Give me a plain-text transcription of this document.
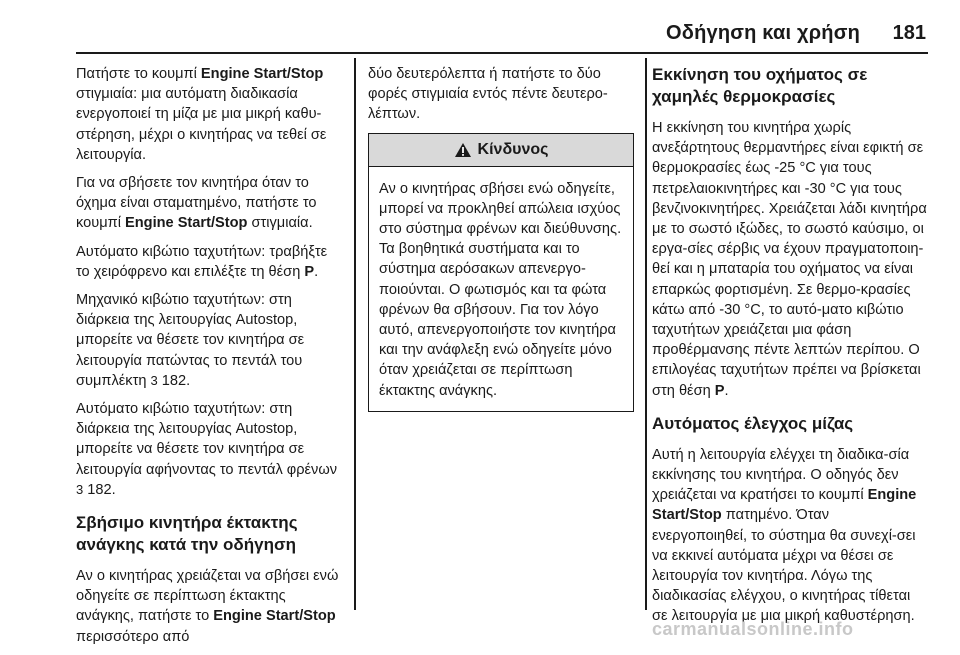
Οδήγηση και χρήση	181

Πατήστε το κουμπί Engine Start/Stop στιγμιαία: μια αυτόματη διαδικασία ενεργοποιεί τη μίζα με μια μικρή καθυ-στέρηση, μέχρι ο κινητήρας να τεθεί σε λειτουργία.

Για να σβήσετε τον κινητήρα όταν το όχημα είναι σταματημένο, πατήστε το κουμπί Engine Start/Stop στιγμιαία.

Αυτόματο κιβώτιο ταχυτήτων: τραβήξτε το χειρόφρενο και επιλέξτε τη θέση P.

Μηχανικό κιβώτιο ταχυτήτων: στη διάρκεια της λειτουργίας Autostop, μπορείτε να θέσετε τον κινητήρα σε λειτουργία πατώντας το πεντάλ του συμπλέκτη 3 182.

Αυτόματο κιβώτιο ταχυτήτων: στη διάρκεια της λειτουργίας Autostop, μπορείτε να θέσετε τον κινητήρα σε λειτουργία αφήνοντας το πεντάλ φρένων 3 182.

Σβήσιμο κινητήρα έκτακτης ανάγκης κατά την οδήγηση

Αν ο κινητήρας χρειάζεται να σβήσει ενώ οδηγείτε σε περίπτωση έκτακτης ανάγκης, πατήστε το Engine Start/Stop περισσότερο από

δύο δευτερόλεπτα ή πατήστε το δύο φορές στιγμιαία εντός πέντε δευτερο-λέπτων.

Κίνδυνος
Αν ο κινητήρας σβήσει ενώ οδηγείτε, μπορεί να προκληθεί απώλεια ισχύος στο σύστημα φρένων και διεύθυνσης. Τα βοηθητικά συστήματα και το σύστημα αερόσακων απενεργο-ποιούνται. Ο φωτισμός και τα φώτα φρένων θα σβήσουν. Για τον λόγο αυτό, απενεργοποιήστε τον κινητήρα και την ανάφλεξη ενώ οδηγείτε μόνο όταν χρειάζεται σε περίπτωση έκτακτης ανάγκης.
Εκκίνηση του οχήματος σε χαμηλές θερμοκρασίες

Η εκκίνηση του κινητήρα χωρίς ανεξάρτητους θερμαντήρες είναι εφικτή σε θερμοκρασίες έως -25 °C για τους πετρελαιοκινητήρες και -30 °C για τους βενζινοκινητήρες. Χρειάζεται λάδι κινητήρα με το σωστό ιξώδες, το σωστό καύσιμο, οι εργα-σίες σέρβις να έχουν πραγματοποιη-θεί και η μπαταρία του οχήματος να είναι επαρκώς φορτισμένη. Σε θερμο-κρασίες κάτω από -30 °C, το αυτό-ματο κιβώτιο ταχυτήτων χρειάζεται μια φάση προθέρμανσης πέντε λεπτών περίπου. Ο επιλογέας ταχυτήτων πρέπει να βρίσκεται στη θέση P.

Αυτόματος έλεγχος μίζας

Αυτή η λειτουργία ελέγχει τη διαδικα-σία εκκίνησης του κινητήρα. Ο οδηγός δεν χρειάζεται να κρατήσει το κουμπί Engine Start/Stop πατημένο. Όταν ενεργοποιηθεί, το σύστημα θα συνεχί-σει να εκκινεί αυτόματα μέχρι να θέσει σε λειτουργία τον κινητήρα. Λόγω της διαδικασίας ελέγχου, ο κινητήρας τίθεται σε λειτουργία με μια μικρή καθυστέρηση.

carmanualsonline.info
